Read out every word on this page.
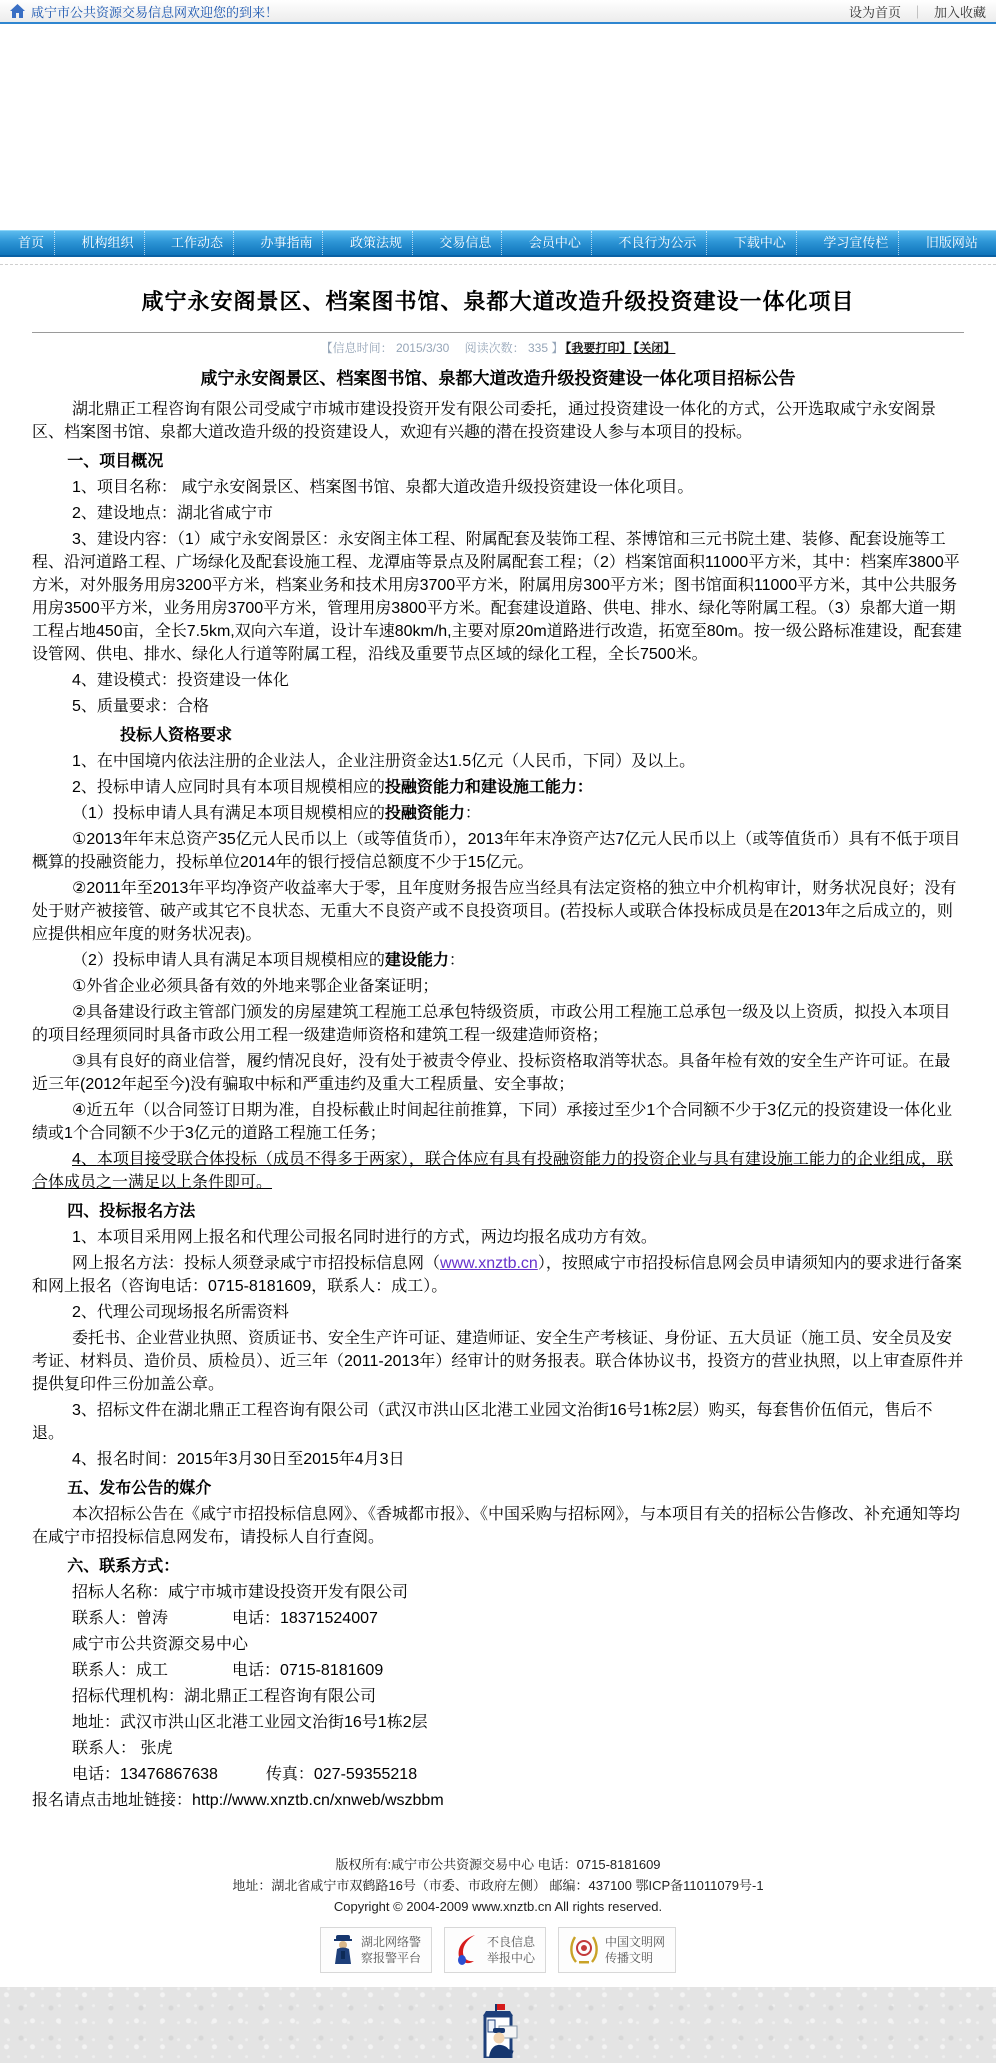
咸宁市公共资源交易信息网欢迎您的到来！	设为首页 ｜ 加入收藏
首页	机构组织	工作动态	办事指南	政策法规	交易信息	会员中心	不良行为公示	下载中心	学习宣传栏	旧版网站
咸宁永安阁景区、档案图书馆、泉都大道改造升级投资建设一体化项目
【信息时间： 2015/3/30　 阅读次数： 335 】 【我要打印】 【关闭】

咸宁永安阁景区、档案图书馆、泉都大道改造升级投资建设一体化项目招标公告

湖北鼎正工程咨询有限公司受咸宁市城市建设投资开发有限公司委托，通过投资建设一体化的方式，公开选取咸宁永安阁景区、档案图书馆、泉都大道改造升级的投资建设人，欢迎有兴趣的潜在投资建设人参与本项目的投标。

一、项目概况

1、项目名称： 咸宁永安阁景区、档案图书馆、泉都大道改造升级投资建设一体化项目。

2、建设地点：湖北省咸宁市

3、建设内容：（1）咸宁永安阁景区：永安阁主体工程、附属配套及装饰工程、茶博馆和三元书院土建、装修、配套设施等工程、沿河道路工程、广场绿化及配套设施工程、龙潭庙等景点及附属配套工程；（2）档案馆面积11000平方米，其中：档案库3800平方米，对外服务用房3200平方米，档案业务和技术用房3700平方米，附属用房300平方米；图书馆面积11000平方米，其中公共服务用房3500平方米，业务用房3700平方米，管理用房3800平方米。配套建设道路、供电、排水、绿化等附属工程。（3）泉都大道一期工程占地450亩，全长7.5km,双向六车道，设计车速80km/h,主要对原20m道路进行改造，拓宽至80m。按一级公路标准建设，配套建设管网、供电、排水、绿化人行道等附属工程，沿线及重要节点区域的绿化工程，全长7500米。

4、建设模式：投资建设一体化

5、质量要求：合格

投标人资格要求

1、在中国境内依法注册的企业法人，企业注册资金达1.5亿元（人民币，下同）及以上。

2、投标申请人应同时具有本项目规模相应的投融资能力和建设施工能力：

（1）投标申请人具有满足本项目规模相应的投融资能力：

①2013年年末总资产35亿元人民币以上（或等值货币），2013年年末净资产达7亿元人民币以上（或等值货币）具有不低于项目概算的投融资能力，投标单位2014年的银行授信总额度不少于15亿元。

②2011年至2013年平均净资产收益率大于零，且年度财务报告应当经具有法定资格的独立中介机构审计，财务状况良好；没有处于财产被接管、破产或其它不良状态、无重大不良资产或不良投资项目。(若投标人或联合体投标成员是在2013年之后成立的，则应提供相应年度的财务状况表)。

（2）投标申请人具有满足本项目规模相应的建设能力：

①外省企业必须具备有效的外地来鄂企业备案证明；

②具备建设行政主管部门颁发的房屋建筑工程施工总承包特级资质，市政公用工程施工总承包一级及以上资质，拟投入本项目的项目经理须同时具备市政公用工程一级建造师资格和建筑工程一级建造师资格；

③具有良好的商业信誉，履约情况良好，没有处于被责令停业、投标资格取消等状态。具备年检有效的安全生产许可证。在最近三年(2012年起至今)没有骗取中标和严重违约及重大工程质量、安全事故；

④近五年（以合同签订日期为准，自投标截止时间起往前推算，下同）承接过至少1个合同额不少于3亿元的投资建设一体化业绩或1个合同额不少于3亿元的道路工程施工任务；

4、本项目接受联合体投标（成员不得多于两家），联合体应有具有投融资能力的投资企业与具有建设施工能力的企业组成，联合体成员之一满足以上条件即可。

四、投标报名方法

1、本项目采用网上报名和代理公司报名同时进行的方式，两边均报名成功方有效。

网上报名方法：投标人须登录咸宁市招投标信息网（www.xnztb.cn），按照咸宁市招投标信息网会员申请须知内的要求进行备案和网上报名（咨询电话：0715-8181609，联系人：成工）。

2、代理公司现场报名所需资料

委托书、企业营业执照、资质证书、安全生产许可证、建造师证、安全生产考核证、身份证、五大员证（施工员、安全员及安考证、材料员、造价员、质检员）、近三年（2011-2013年）经审计的财务报表。联合体协议书，投资方的营业执照，以上审查原件并提供复印件三份加盖公章。

3、招标文件在湖北鼎正工程咨询有限公司（武汉市洪山区北港工业园文治街16号1栋2层）购买，每套售价伍佰元，售后不退。

4、报名时间：2015年3月30日至2015年4月3日

五、发布公告的媒介

本次招标公告在《咸宁市招投标信息网》、《香城都市报》、《中国采购与招标网》，与本项目有关的招标公告修改、补充通知等均在咸宁市招投标信息网发布，请投标人自行查阅。

六、联系方式：

招标人名称：咸宁市城市建设投资开发有限公司

联系人：曾涛　　　　电话：18371524007

咸宁市公共资源交易中心

联系人：成工　　　　电话：0715-8181609

招标代理机构：湖北鼎正工程咨询有限公司

地址：武汉市洪山区北港工业园文治街16号1栋2层

联系人： 张虎

电话：13476867638　　　传真：027-59355218

报名请点击地址链接：http://www.xnztb.cn/xnweb/wszbbm

版权所有:咸宁市公共资源交易中心 电话：0715-8181609
地址：湖北省咸宁市双鹤路16号（市委、市政府左侧） 邮编：437100 鄂ICP备11011079号-1
Copyright © 2004-2009 www.xnztb.cn All rights reserved.
湖北网络警
察报警平台
不良信息
举报中心
中国文明网
传播文明
